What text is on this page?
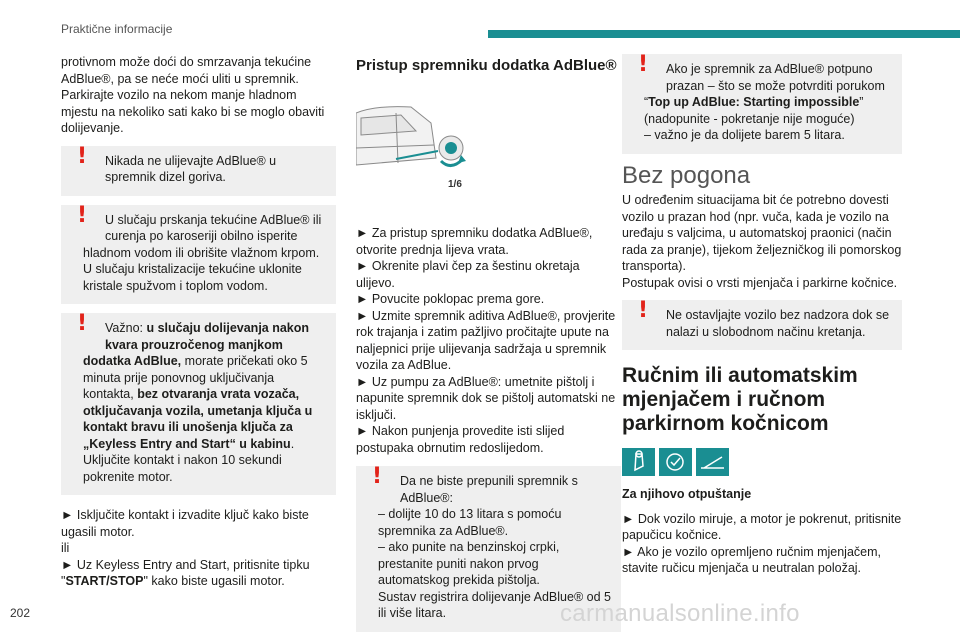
Praktične informacije

protivnom može doći do smrzavanja tekućine AdBlue®, pa se neće moći uliti u spremnik. Parkirajte vozilo na nekom manje hladnom mjestu na nekoliko sati kako bi se moglo obaviti dolijevanje.

!	Nikada ne ulijevajte AdBlue® u spremnik dizel goriva.

!	U slučaju prskanja tekućine AdBlue® ili curenja po karoseriji obilno isperite

hladnom vodom ili obrišite vlažnom krpom.

U slučaju kristalizacije tekućine uklonite kristale spužvom i toplom vodom.

!	Važno: u slučaju dolijevanja nakon kvara prouzročenog manjkom

dodatka AdBlue, morate pričekati oko 5 minuta prije ponovnog uključivanja kontakta, bez otvaranja vrata vozača, otključavanja vozila, umetanja ključa u kontakt bravu ili unošenja ključa za „Keyless Entry and Start“ u kabinu.

Uključite kontakt i nakon 10 sekundi pokrenite motor.

► Isključite kontakt i izvadite ključ kako biste ugasili motor.

ili

► Uz Keyless Entry and Start, pritisnite tipku "START/STOP" kako biste ugasili motor.

Pristup spremniku dodatka AdBlue®
1/6

► Za pristup spremniku dodatka AdBlue®, otvorite prednja lijeva vrata.

► Okrenite plavi čep za šestinu okretaja ulijevo.

► Povucite poklopac prema gore.

► Uzmite spremnik aditiva AdBlue®, provjerite rok trajanja i zatim pažljivo pročitajte upute na naljepnici prije ulijevanja sadržaja u spremnik vozila za AdBlue.

► Uz pumpu za AdBlue®: umetnite pištolj i napunite spremnik dok se pištolj automatski ne isključi.

► Nakon punjenja provedite isti slijed postupaka obrnutim redoslijedom.

!	Da ne biste prepunili spremnik s AdBlue®:

– dolijte 10 do 13 litara s pomoću spremnika za AdBlue®.

– ako punite na benzinskoj crpki, prestanite puniti nakon prvog automatskog prekida pištolja.

Sustav registrira dolijevanje AdBlue® od 5 ili više litara.

!	Ako je spremnik za AdBlue® potpuno prazan – što se može potvrditi porukom

“Top up AdBlue: Starting impossible”

(nadopunite - pokretanje nije moguće)

– važno je da dolijete barem 5 litara.

Bez pogona

U određenim situacijama bit će potrebno dovesti vozilo u prazan hod (npr. vuča, kada je vozilo na uređaju s valjcima, u automatskoj praonici (način rada za pranje), tijekom željezničkog ili pomorskog transporta).

Postupak ovisi o vrsti mjenjača i parkirne kočnice.

!	Ne ostavljajte vozilo bez nadzora dok se nalazi u slobodnom načinu kretanja.

Ručnim ili automatskim mjenjačem i ručnom parkirnom kočnicom
Za njihovo otpuštanje

► Dok vozilo miruje, a motor je pokrenut, pritisnite papučicu kočnice.

► Ako je vozilo opremljeno ručnim mjenjačem, stavite ručicu mjenjača u neutralan položaj.

202	carmanualsonline.info
